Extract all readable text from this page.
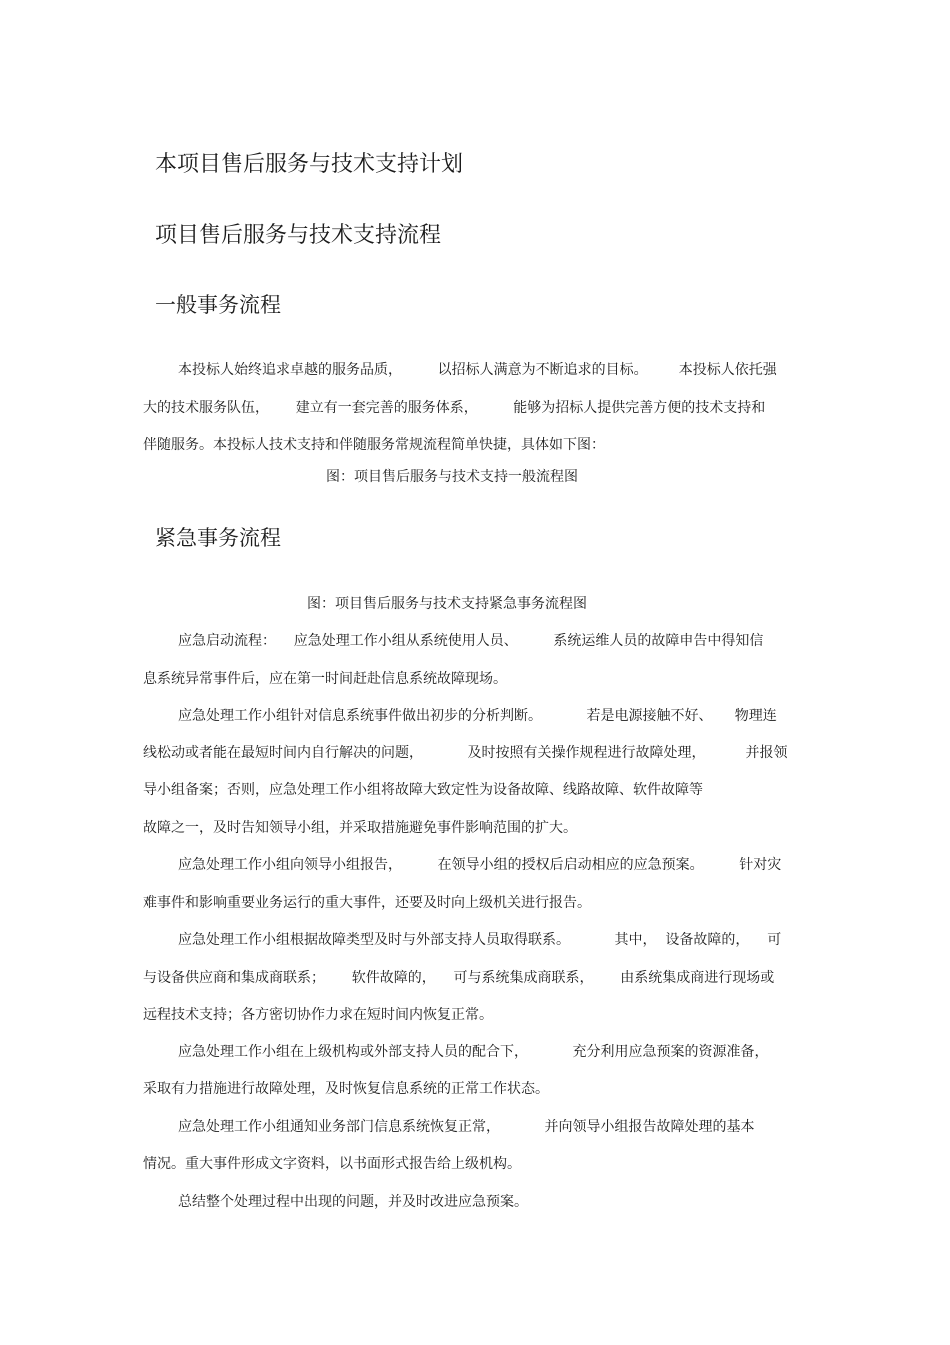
本项目售后服务与技术支持计划
项目售后服务与技术支持流程
一般事务流程
本投标人始终追求卓越的服务品质，        以招标人满意为不断追求的目标。       本投标人依托强
大的技术服务队伍，      建立有一套完善的服务体系，        能够为招标人提供完善方便的技术支持和
伴随服务。本投标人技术支持和伴随服务常规流程简单快捷，具体如下图：
图：项目售后服务与技术支持一般流程图
紧急事务流程
图：项目售后服务与技术支持紧急事务流程图
应急启动流程：    应急处理工作小组从系统使用人员、        系统运维人员的故障申告中得知信
息系统异常事件后，应在第一时间赶赴信息系统故障现场。
应急处理工作小组针对信息系统事件做出初步的分析判断。          若是电源接触不好、     物理连
线松动或者能在最短时间内自行解决的问题，          及时按照有关操作规程进行故障处理，         并报领
导小组备案；否则，应急处理工作小组将故障大致定性为设备故障、线路故障、软件故障等
故障之一，及时告知领导小组，并采取措施避免事件影响范围的扩大。
应急处理工作小组向领导小组报告，        在领导小组的授权后启动相应的应急预案。        针对灾
难事件和影响重要业务运行的重大事件，还要及时向上级机关进行报告。
应急处理工作小组根据故障类型及时与外部支持人员取得联系。          其中，  设备故障的，    可
与设备供应商和集成商联系；      软件故障的，    可与系统集成商联系，      由系统集成商进行现场或
远程技术支持；各方密切协作力求在短时间内恢复正常。
应急处理工作小组在上级机构或外部支持人员的配合下，          充分利用应急预案的资源准备，
采取有力措施进行故障处理，及时恢复信息系统的正常工作状态。
应急处理工作小组通知业务部门信息系统恢复正常，          并向领导小组报告故障处理的基本
情况。重大事件形成文字资料，以书面形式报告给上级机构。
总结整个处理过程中出现的问题，并及时改进应急预案。
